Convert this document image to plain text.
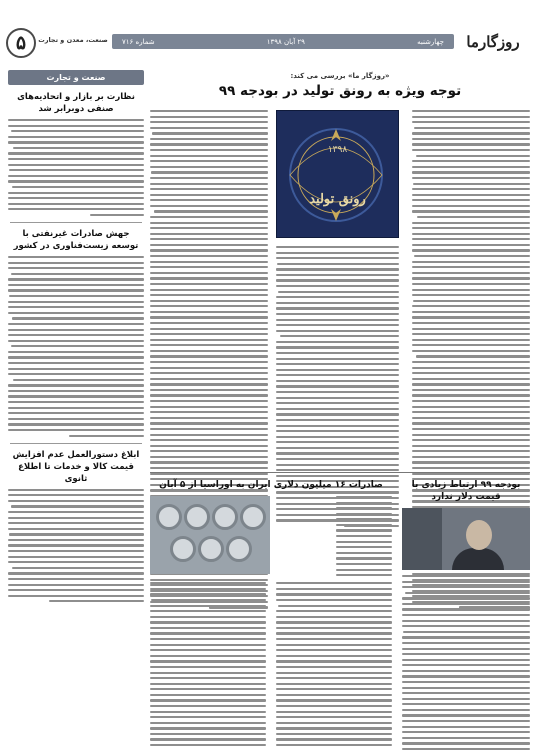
روزگارما
چهارشنبه
۲۹ آبان ۱۳۹۸
شماره ۷۱۶
صنعت، معدن و تجارت
۵
صنعت و تجارت
نظارت بر بازار و اتحادیه‌های صنفی دوبرابر شد
جهش صادرات غیرنفتی با توسعه زیست‌فناوری در کشور
ابلاغ دستورالعمل عدم افزایش قیمت کالا و خدمات تا اطلاع ثانوی
«روزگار ما» بررسی می کند:
توجه ویژه به رونق تولید در بودجه ۹۹
۱۳۹۸
رونق تولید
بودجه ۹۹ ارتباط زیادی با قیمت دلار ندارد
صادرات ۱۶ میلیون دلاری ایران به اوراسیا از ۵ آبان
